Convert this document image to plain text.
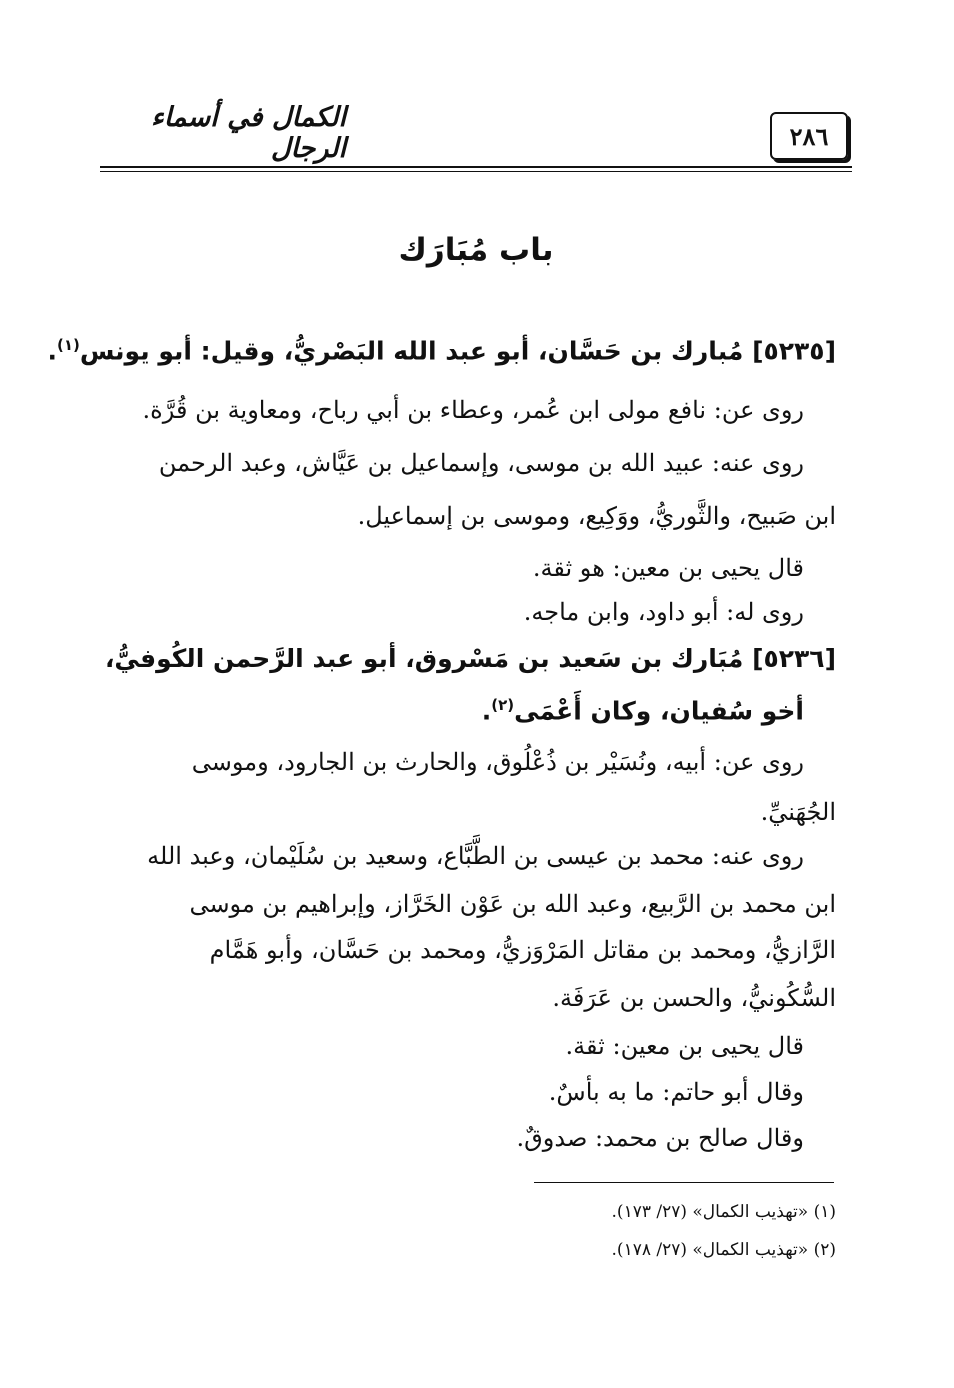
٢٨٦
الكمال في أسماء الرجال
باب مُبَارَك
[٥٢٣٥] مُبارك بن حَسَّان، أبو عبد الله البَصْريُّ، وقيل: أبو يونس$^{(١)}$.
روى عن: نافع مولى ابن عُمر، وعطاء بن أبي رباح، ومعاوية بن قُرَّة.
روى عنه: عبيد الله بن موسى، وإسماعيل بن عَيَّاش، وعبد الرحمن
ابن صَبيح، والثَّوريُّ، ووَكِيع، وموسى بن إسماعيل.
قال يحيى بن معين: هو ثقة.
روى له: أبو داود، وابن ماجه.
[٥٢٣٦] مُبَارك بن سَعيد بن مَسْروق، أبو عبد الرَّحمن الكُوفيُّ،
أخو سُفيان، وكان أَعْمَى$^{(٢)}$.
روى عن: أبيه، ونُسَيْر بن ذُعْلُوق، والحارث بن الجارود، وموسى
الجُهَنيِّ.
روى عنه: محمد بن عيسى بن الطَّبَّاع، وسعيد بن سُلَيْمان، وعبد الله
ابن محمد بن الرَّبيع، وعبد الله بن عَوْن الخَرَّاز، وإبراهيم بن موسى
الرَّازيُّ، ومحمد بن مقاتل المَرْوَزيُّ، ومحمد بن حَسَّان، وأبو هَمَّام
السُّكُونيُّ، والحسن بن عَرَفَة.
قال يحيى بن معين: ثقة.
وقال أبو حاتم: ما به بأسٌ.
وقال صالح بن محمد: صدوقٌ.
(١) «تهذيب الكمال» (٢٧/ ١٧٣).
(٢) «تهذيب الكمال» (٢٧/ ١٧٨).
